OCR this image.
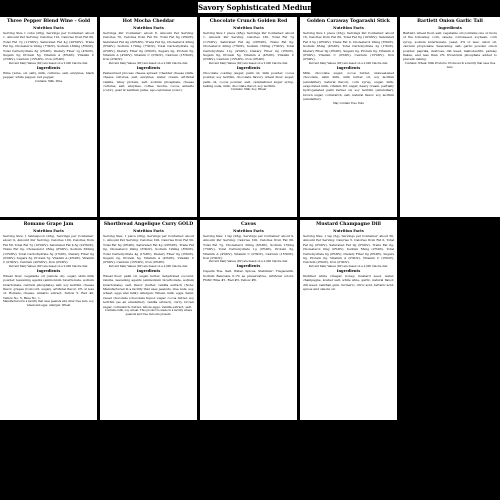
Savory Sophisticated Medium Winter
Three Pepper Blend Wine - Gold
Nutrition Facts
Serving Size 1 cube (28g). Servings per Container: about 1. Amount Per Serving: Calories 110, Calories from Fat 60, Total Fat 7g (11%DV), Saturated Fat 4g (20%DV), Trans Fat 0g, Cholesterol 20mg (7%DV), Sodium 180mg (8%DV), Total Carbohydrate 6g (2%DV), Dietary Fiber 1g (4%DV), Sugars 3g, Protein 5g, Vitamin A (6%DV), Vitamin C (2%DV), Calcium (15%DV), Iron (2%DV).
Percent Daily Values (DV) are based on a 2,000 Calorie diet.
Ingredients
Wine (wine, oil, salt), milk, cultures, salt, enzymes, black pepper, white pepper, red pepper.
Contains: Milk, Wine
Hot Mocha Cheddar
Nutrition Facts
Servings Per Container: about 8, Amount Per Serving: Calories 70, Calories from Fat 50, Total Fat 6g (9%DV), Saturated Fat 4g (20%DV), Trans Fat 0g, Cholesterol 20mg (6%DV), Sodium 170mg (7%DV), Total Carbohydrate 1g (0%DV), Dietary Fiber 0g (0%DV), Sugars 0g, Protein 5g, Vitamin A (4%DV), Vitamin C (0%DV), Calcium (15%DV), Iron (0%DV).
Percent Daily Values (DV) are based on a 2,000 Calorie diet.
Ingredients
Pasteurized process cheese spread: Cheddar cheese (milk, cheese cultures, salt, enzymes, water, cream, artificial vanilla, whey protein, salt, sodium phosphate, cheese cultures, salt, enzymes, coffee, mocha, cocoa, annatto (color), guar & xanthan gums, apo-carotenal (color).
Chocolate Crunch Golden Red
Nutrition Facts
Serving Size 1 piece (28g), Servings Per Container: about 1, Amount Per Serving: Calories 130, Total Fat 7g (11%DV), Saturated Fat 4g (20%DV), Trans Fat 0g, Cholesterol 20mg (7%DV), Sodium 160mg (7%DV), Total Carbohydrate 11g (4%DV), Dietary Fiber 0g (0%DV), Sugars 9g, Protein 5g, Vitamin A (4%DV), Vitamin C (0%DV), Calcium (15%DV), Iron (0%DV).
Percent Daily Values (DV) are based on a 2,000 Calorie diet.
Ingredients
Chocolate coating (sugar, palm oil, milk powder, cocoa powder, soy lecithin, chocolate flavor), wheat flour, sugar, palm oil, cocoa powder, salt, caramelized sugar syrup, baking soda, milk, chocolate flavor, soy lecithin.
Contains: Milk, Soy, Wheat
Golden Caraway Togarashi Stick
Nutrition Facts
Serving Size 1 piece (23g), Servings Per Container: about 16, Calories from Fat 60, Total Fat 6g (10%DV), Saturated Fat 3.5g (18%DV), Trans Fat 0, Cholesterol 20mg (6%DV), Sodium 65mg (4%DV), Total Carbohydrate 2g (1%DV), Dietary Fiber 0g (0%DV), Sugars 0g, Protein 6g, Vitamin A (6%DV), Vitamin C (0%DV), Calcium (15%DV), Iron (0%DV).
Percent Daily Values (DV) are based on a 2,000 Calorie diet.
Ingredients
Milk, chocolate sugar, cocoa butter, unsweetened chocolate, skim milk, milk butter oil, soy lecithin (emulsifier), natural flavor), corn syrup, sugar, milk, evaporated milk, vitamin D3, sugar, heavy cream, partially hydrogenated palm kernel oil, soy lecithin (emulsifier), brown sugar, cornstarch, salt, natural flavor, soy lecithin (emulsifier).
May Contain Tree Nuts
Bartlett Onion Garlic Tall
Ingredients
Bartlett, wheat flour, salt, vegetable oil (contains one or more of the following: corn, canola, cottonseed, soybean, corn syrup, sodium bicarbonate, yeast, 2% or less: onion oil, calcium propionate. Seasoning: salt, garlic powder, onion powder, paprika, dextrose, dill weed, maltodextrin, parsley flakes, and less than 2% tricalcium phosphate added to prevent caking.
Contains: Wheat, Milk Products. Produced in a facility that uses tree nuts.
Romano Grape Jam
Nutrition Facts
Serving Size: 1 tablespoon (28g), Servings per Container: about 9, Amount Per Serving: Calories 100, Calories from Fat 60, Total Fat 7g (10%DV), Saturated Fat 4.5g (22%DV), Trans Fat 0g, Cholesterol 25mg (8%DV), Sodium 350mg (15%DV), Total Carbohydrate 3g (1%DV), Dietary Fiber 0g (0%DV), Sugars 3g, Protein 7g, Vitamin A (4%DV), Vitamin C (0%DV), Calcium (20%DV), Iron (0%DV).
Percent Daily Values (DV) are based on a 2,000 Calorie diet.
Ingredients
Wheat flour, vegetable oil (canola oil), sugar, skim milk powder, leavening agents (ammonium bicarbonate, sodium bicarbonate, calcium phosphate), salt, soy lecithin, cheese flavor, grapes (Concord, sugar), artificial flavor, 2% or less of: Romano cheese, annatto extract, Yellow 5, Red 40, Yellow No. 5, Blue No. 1.
Manufactured in a facility that uses peanuts and other tree nuts, soy, wheat and eggs. Allergen: Wheat
Shortbread Angelique Curry GOLD
Nutrition Facts
Serving Size: 1 piece (28g), Servings per Container: about 1, Amount Per Serving: Calories 100, Calories from Fat 50, Total Fat 6g (9%DV), Saturated Fat 4g (20%DV), Trans Fat 0g, Cholesterol 20mg (6%DV), Sodium 190mg (8%DV), Total Carbohydrate 4g (1%DV), Dietary Fiber 0g (0%DV), Sugars 2g, Protein 5g, Vitamin A (4%DV), Vitamin C (0%DV), Calcium (15%DV), Iron (0%DV).
Percent Daily Values (DV) are based on a 2,000 Calorie diet.
Ingredients
Wheat flour, palm oil, sugar, butter, dehydrated coconut, raisins, leavening agents (ammonium bicarbonate, sodium bicarbonate), salt, flavor (butter, vanilla extract) (Note: Manufactured in a facility that uses peanuts, tree nuts, soy, wheat, eggs and milk). Allergen: Wheat, milk, eggs. Semi-sweet chocolate (chocolate liquor, sugar, cocoa butter, soy lecithin (as an emulsifier), vanilla extract), curry, brown sugar, cornstarch, butter, whole eggs, vanilla extract, salt.
Contains milk, soy, wheat. This product is made in a facility where peanuts and tree nuts are present.
Cavos
Nutrition Facts
Serving Size: 1 tsp (28g), Servings per Container: about 9, Amount Per Serving: Calories 100, Calories from Fat 60, Total Fat 7g, Cholesterol 20mg (6%DV), Sodium 170mg (7%DV), Total Carbohydrate 1g (0%DV), Protein 5g, Vitamin A (4%DV), Vitamin C (0%DV), Calcium (15%DV), Iron (0%DV).
Percent Daily Values (DV) are based on a 2,000 Calorie diet.
Ingredients
Capelin Roe, Salt, Water, Spices, Stabilizer: Tragacanth, Sodium Benzoate 0.1% as preservative, Artificial colors: FD&C Blue #1, Red #3, Yellow #6.
Mustard Champagne Dill
Nutrition Facts
Serving Size: 1 tsp (5g), Servings per Container: about 50, Amount Per Serving: Calories 5, Calories from Fat 0, Total Fat 0g (0%DV), Saturated Fat 0g (0%DV), Trans Fat 0g, Cholesterol 0mg (0%DV), Sodium 55mg (2%DV), Total Carbohydrate 0g (0%DV), Dietary Fiber 0g (0%DV), Sugars 0g, Protein 0g, Vitamin A (0%DV), Vitamin C (0%DV), Calcium (0%DV), Iron (0%DV).
Percent Daily Values (DV) are based on a 2,000 Calorie diet.
Ingredients
Distilled white vinegar, honey, mustard seed, water, champagne, kosher salt, white wine, garlic, natural flavor, dill weed, xanthan gum, turmeric, citric acid, tartaric acid, spices and canola oil.
